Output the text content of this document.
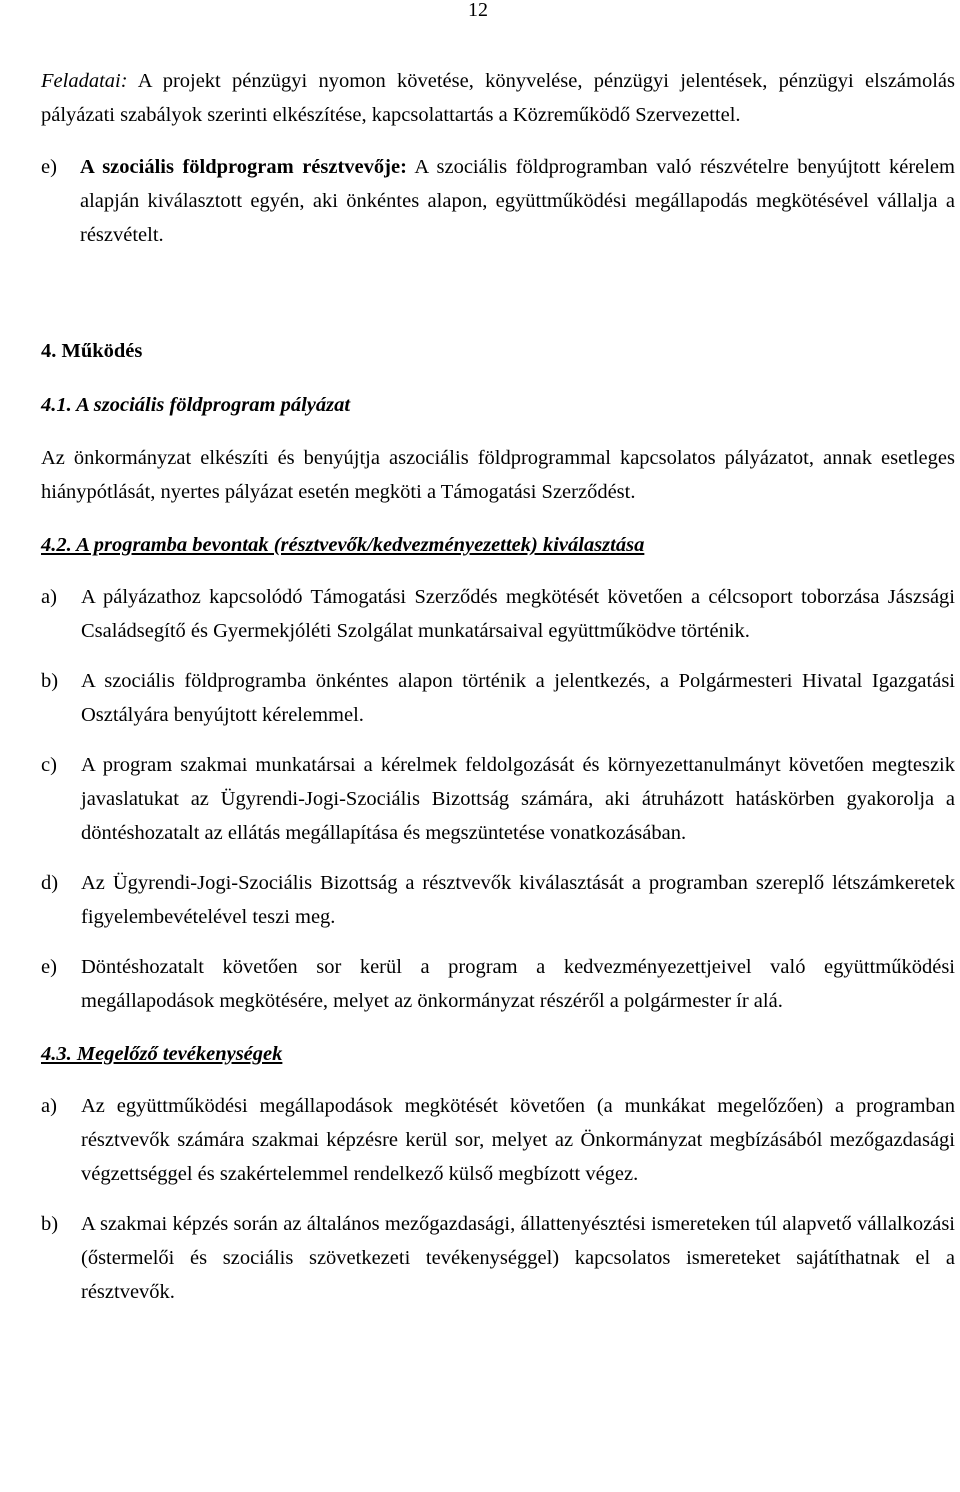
12

Feladatai: A projekt pénzügyi nyomon követése, könyvelése, pénzügyi jelentések, pénzügyi elszámolás pályázati szabályok szerinti elkészítése, kapcsolattartás a Közreműködő Szervezettel.

e)	A szociális földprogram résztvevője: A szociális földprogramban való részvételre benyújtott kérelem alapján kiválasztott egyén, aki önkéntes alapon, együttműködési megállapodás megkötésével vállalja a részvételt.

4. Működés

4.1. A szociális földprogram pályázat

Az önkormányzat elkészíti és benyújtja aszociális földprogrammal kapcsolatos pályázatot, annak esetleges hiánypótlását, nyertes pályázat esetén megköti a Támogatási Szerződést.

4.2. A programba bevontak (résztvevők/kedvezményezettek) kiválasztása

a)	A pályázathoz kapcsolódó Támogatási Szerződés megkötését követően a célcsoport toborzása Jászsági Családsegítő és Gyermekjóléti Szolgálat munkatársaival együttműködve történik.
b)	A szociális földprogramba önkéntes alapon történik a jelentkezés, a Polgármesteri Hivatal Igazgatási Osztályára benyújtott kérelemmel.
c)	A program szakmai munkatársai a kérelmek feldolgozását és környezettanulmányt követően megteszik javaslatukat az Ügyrendi-Jogi-Szociális Bizottság számára, aki átruházott hatáskörben gyakorolja a döntéshozatalt az ellátás megállapítása és megszüntetése vonatkozásában.
d)	Az Ügyrendi-Jogi-Szociális Bizottság a résztvevők kiválasztását a programban szereplő létszámkeretek figyelembevételével teszi meg.
e)	Döntéshozatalt követően sor kerül a program a kedvezményezettjeivel való együttműködési megállapodások megkötésére, melyet az önkormányzat részéről a polgármester ír alá.

4.3. Megelőző tevékenységek

a)	Az együttműködési megállapodások megkötését követően (a munkákat megelőzően) a programban résztvevők számára szakmai képzésre kerül sor, melyet az Önkormányzat megbízásából mezőgazdasági végzettséggel és szakértelemmel rendelkező külső megbízott végez.
b)	A szakmai képzés során az általános mezőgazdasági, állattenyésztési ismereteken túl alapvető vállalkozási (őstermelői és szociális szövetkezeti tevékenységgel) kapcsolatos ismereteket sajátíthatnak el a résztvevők.
